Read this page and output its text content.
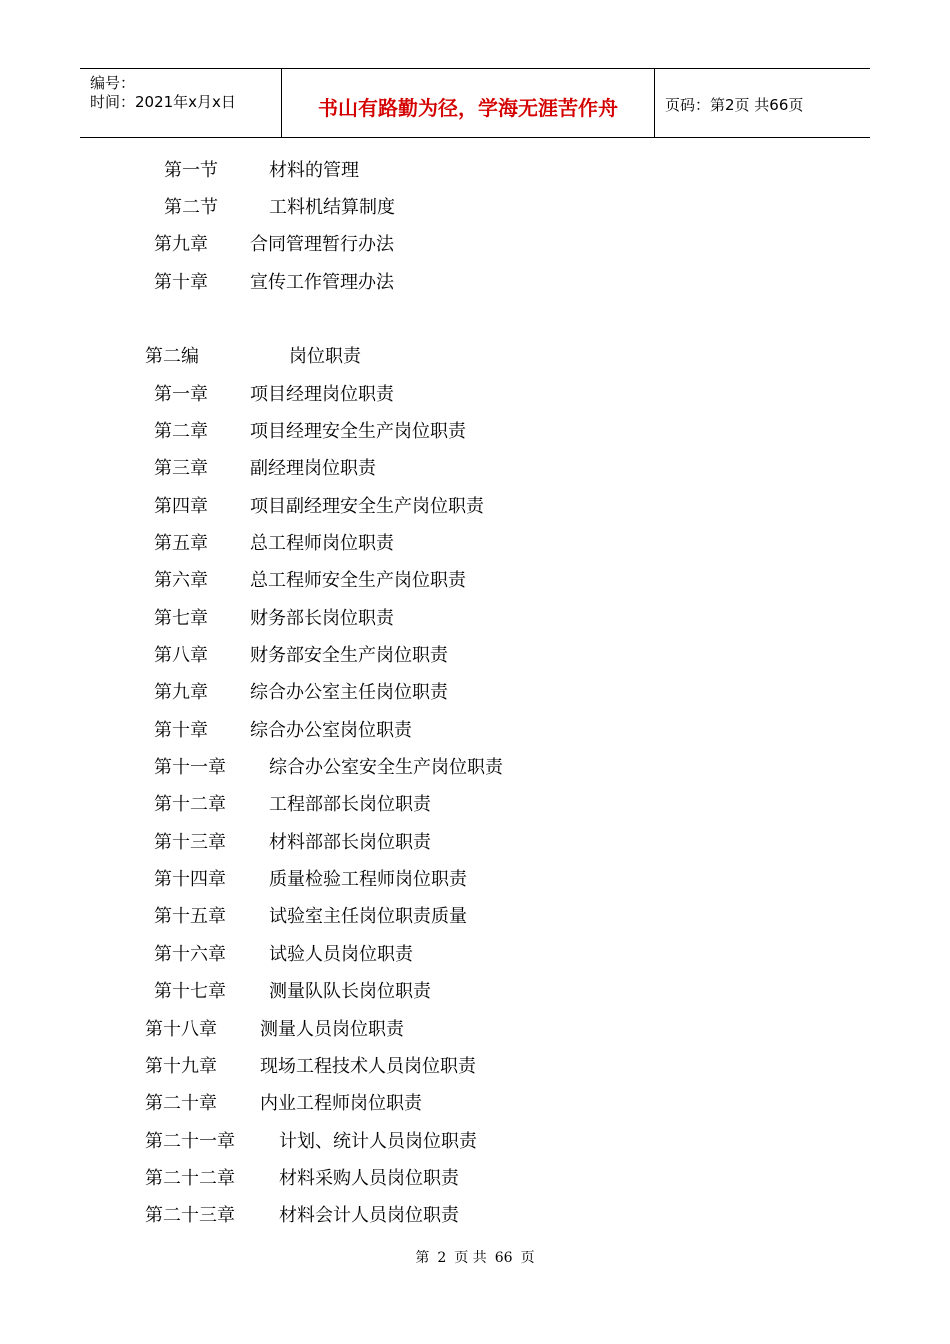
编号：
时间：2021年x月x日	书山有路勤为径，学海无涯苦作舟	页码：第2页 共66页
第一节	材料的管理
第二节	工料机结算制度
第九章 合同管理暂行办法
第十章 宣传工作管理办法
第二编	岗位职责
第一章 项目经理岗位职责
第二章 项目经理安全生产岗位职责
第三章 副经理岗位职责
第四章 项目副经理安全生产岗位职责
第五章 总工程师岗位职责
第六章 总工程师安全生产岗位职责
第七章 财务部长岗位职责
第八章 财务部安全生产岗位职责
第九章 综合办公室主任岗位职责
第十章 综合办公室岗位职责
第十一章 综合办公室安全生产岗位职责
第十二章 工程部部长岗位职责
第十三章 材料部部长岗位职责
第十四章 质量检验工程师岗位职责
第十五章 试验室主任岗位职责质量
第十六章 试验人员岗位职责
第十七章 测量队队长岗位职责
第十八章 测量人员岗位职责
第十九章 现场工程技术人员岗位职责
第二十章 内业工程师岗位职责
第二十一章 计划、统计人员岗位职责
第二十二章 材料采购人员岗位职责
第二十三章 材料会计人员岗位职责
第 2 页 共 66 页
